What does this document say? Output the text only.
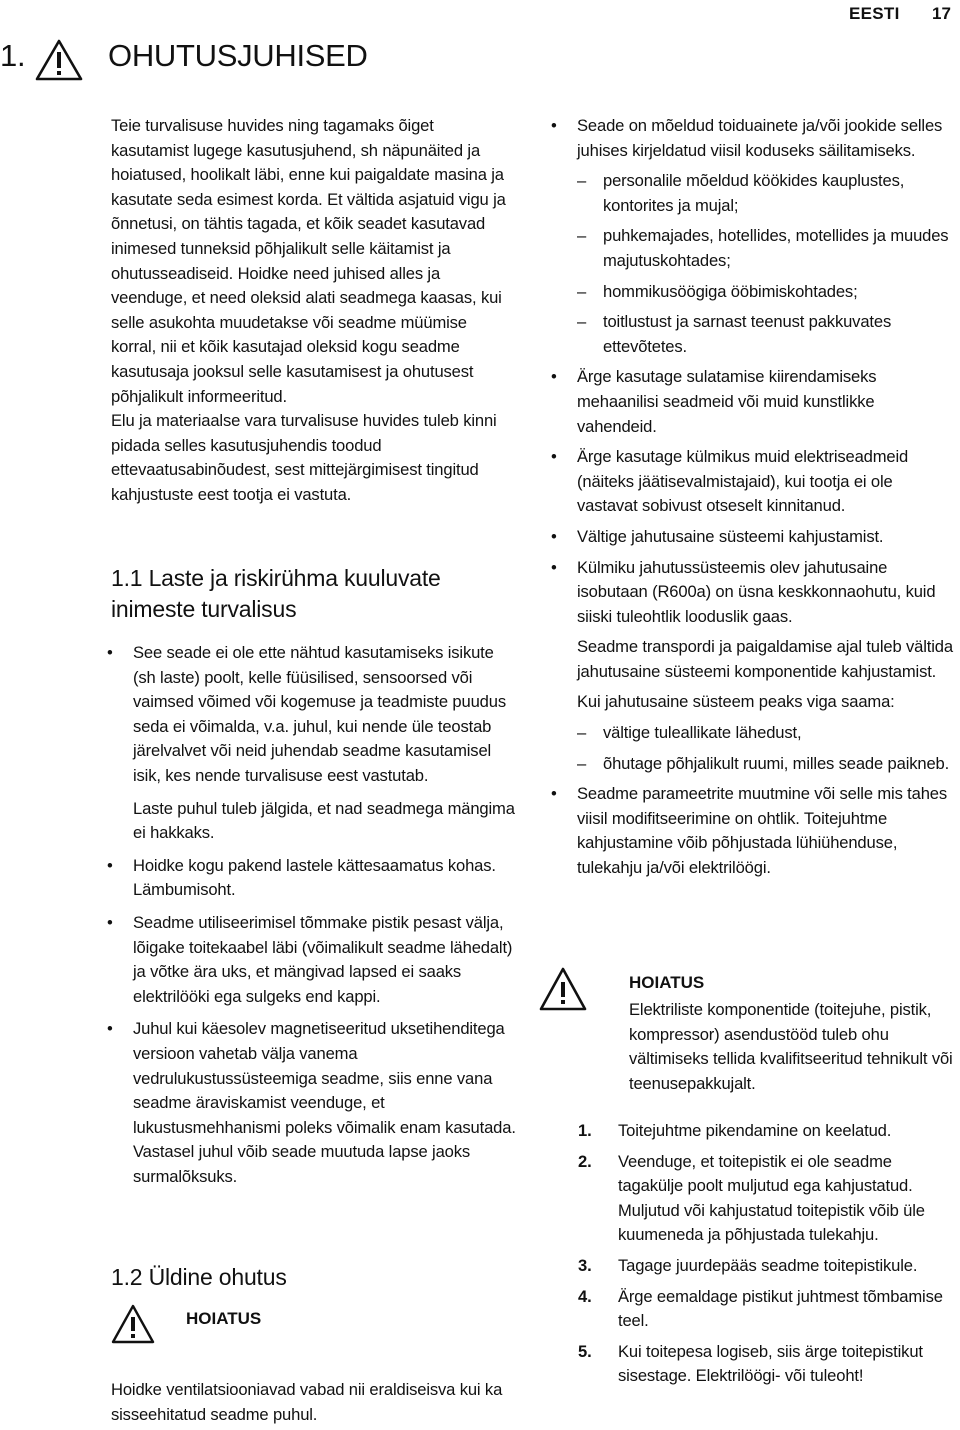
EESTI 17
1.	OHUTUSJUHISED

Teie turvalisuse huvides ning tagamaks õiget kasutamist lugege kasutusjuhend, sh näpunäited ja hoiatused, hoolikalt läbi, enne kui paigaldate masina ja kasutate seda esimest korda. Et vältida asjatuid vigu ja õnnetusi, on tähtis tagada, et kõik seadet kasutavad inimesed tunneksid põhjalikult selle käitamist ja ohutusseadiseid. Hoidke need juhised alles ja veenduge, et need oleksid alati seadmega kaasas, kui selle asukohta muudetakse või seadme müümise korral, nii et kõik kasutajad oleksid kogu seadme kasutusaja jooksul selle kasutamisest ja ohutusest põhjalikult informeeritud.

Elu ja materiaalse vara turvalisuse huvides tuleb kinni pidada selles kasutusjuhendis toodud ettevaatusabinõudest, sest mittejärgimisest tingitud kahjustuste eest tootja ei vastuta.

1.1 Laste ja riskirühma kuuluvate inimeste turvalisus
•	See seade ei ole ette nähtud kasutamiseks isikute (sh laste) poolt, kelle füüsilised, sensoorsed või vaimsed võimed või kogemuse ja teadmiste puudus seda ei võimalda, v.a. juhul, kui nende üle teostab järelvalvet või neid juhendab seadme kasutamisel isik, kes nende turvalisuse eest vastutab.

Laste puhul tuleb jälgida, et nad seadmega mängima ei hakkaks.

•	Hoidke kogu pakend lastele kättesaamatus kohas. Lämbumisoht.
•	Seadme utiliseerimisel tõmmake pistik pesast välja, lõigake toitekaabel läbi (võimalikult seadme lähedalt) ja võtke ära uks, et mängivad lapsed ei saaks elektrilööki ega sulgeks end kappi.
•	Juhul kui käesolev magnetiseeritud uksetihenditega versioon vahetab välja vanema vedrulukustussüsteemiga seadme, siis enne vana seadme äraviskamist veenduge, et lukustusmehhanismi poleks võimalik enam kasutada. Vastasel juhul võib seade muutuda lapse jaoks surmalõksuks.
1.2 Üldine ohutus
HOIATUS
Hoidke ventilatsiooniavad vabad nii eraldiseisva kui ka sisseehitatud seadme puhul.
•	Seade on mõeldud toiduainete ja/või jookide selles juhises kirjeldatud viisil koduseks säilitamiseks.
– personalile mõeldud köökides kauplustes, kontorites ja mujal;
– puhkemajades, hotellides, motellides ja muudes majutuskohtades;
– hommikusöögiga ööbimiskohtades;
– toitlustust ja sarnast teenust pakkuvates ettevõtetes.
•	Ärge kasutage sulatamise kiirendamiseks mehaanilisi seadmeid või muid kunstlikke vahendeid.
•	Ärge kasutage külmikus muid elektriseadmeid (näiteks jäätisevalmistajaid), kui tootja ei ole vastavat sobivust otseselt kinnitanud.
•	Vältige jahutusaine süsteemi kahjustamist.
•	Külmiku jahutussüsteemis olev jahutusaine isobutaan (R600a) on üsna keskkonnaohutu, kuid siiski tuleohtlik looduslik gaas.

Seadme transpordi ja paigaldamise ajal tuleb vältida jahutusaine süsteemi komponentide kahjustamist.

Kui jahutusaine süsteem peaks viga saama:

– vältige tuleallikate lähedust,
– õhutage põhjalikult ruumi, milles seade paikneb.
•	Seadme parameetrite muutmine või selle mis tahes viisil modifitseerimine on ohtlik. Toitejuhtme kahjustamine võib põhjustada lühiühenduse, tulekahju ja/või elektrilöögi.
HOIATUS
Elektriliste komponentide (toitejuhe, pistik, kompressor) asendustööd tuleb ohu vältimiseks tellida kvalifitseeritud tehnikult või teenusepakkujalt.
1. Toitejuhtme pikendamine on keelatud.
2. Veenduge, et toitepistik ei ole seadme tagakülje poolt muljutud ega kahjustatud. Muljutud või kahjustatud toitepistik võib üle kuumeneda ja põhjustada tulekahju.
3. Tagage juurdepääs seadme toitepistikule.
4. Ärge eemaldage pistikut juhtmest tõmbamise teel.
5. Kui toitepesa logiseb, siis ärge toitepistikut sisestage. Elektrilöögi- või tuleoht!
